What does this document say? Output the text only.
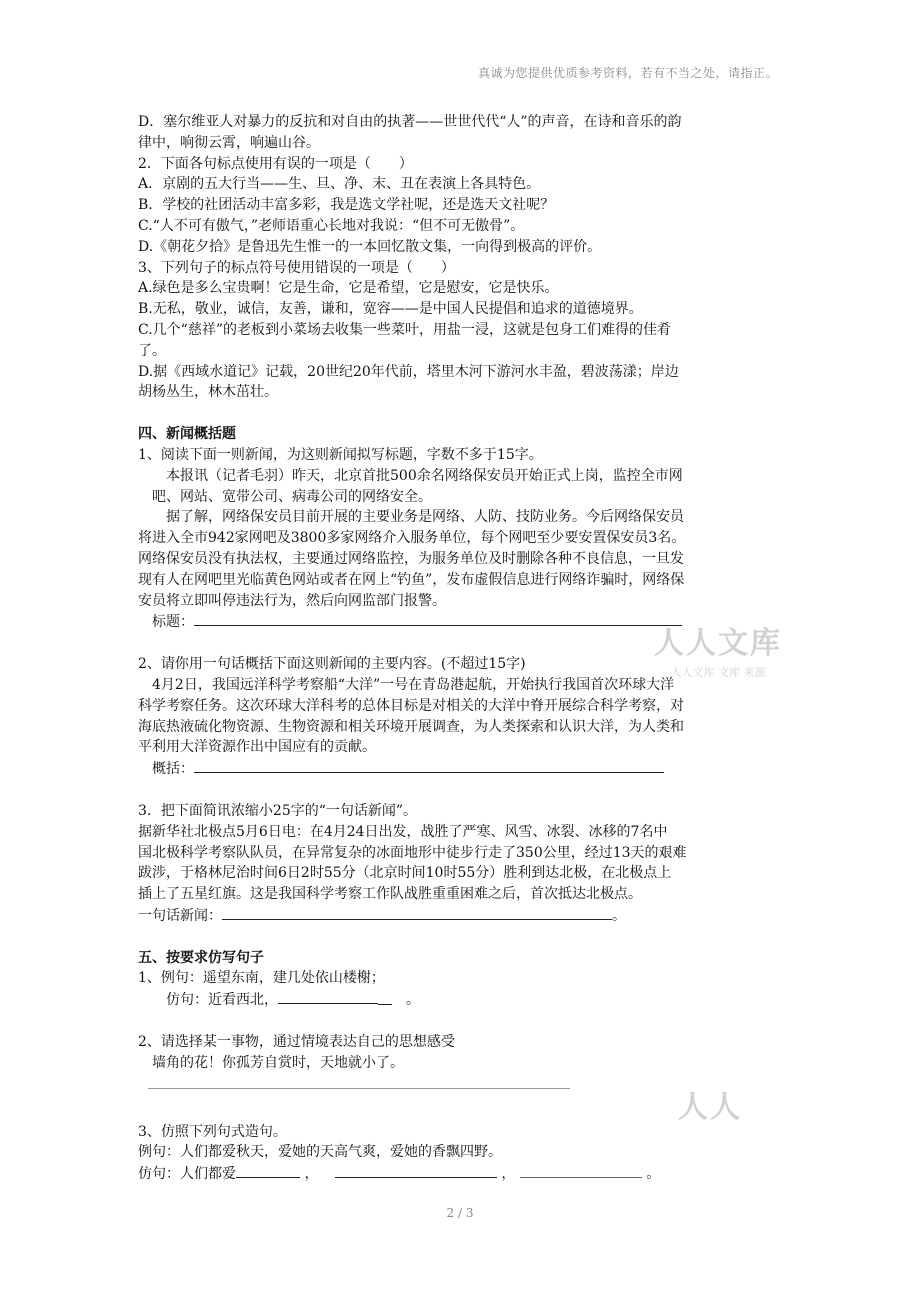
真诚为您提供优质参考资料，若有不当之处，请指正。

D．塞尔维亚人对暴力的反抗和对自由的执著——世世代代“人”的声音，在诗和音乐的韵

律中，响彻云霄，响遍山谷。

2．下面各句标点使用有误的一项是（　　）

A．京剧的五大行当——生、旦、净、末、丑在表演上各具特色。

B．学校的社团活动丰富多彩，我是选文学社呢，还是选天文社呢？

C.“人不可有傲气，”老师语重心长地对我说：“但不可无傲骨”。

D.《朝花夕拾》是鲁迅先生惟一的一本回忆散文集，一向得到极高的评价。

3、下列句子的标点符号使用错误的一项是（　　）

A.绿色是多么宝贵啊！它是生命，它是希望，它是慰安，它是快乐。

B.无私，敬业，诚信，友善，谦和，宽容——是中国人民提倡和追求的道德境界。

C.几个“慈祥”的老板到小菜场去收集一些菜叶，用盐一浸，这就是包身工们难得的佳肴

了。

D.据《西域水道记》记载，20世纪20年代前，塔里木河下游河水丰盈，碧波荡漾；岸边

胡杨丛生，林木茁壮。

四、新闻概括题

1、阅读下面一则新闻，为这则新闻拟写标题，字数不多于15字。

本报讯（记者毛羽）昨天，北京首批500余名网络保安员开始正式上岗，监控全市网

吧、网站、宽带公司、病毒公司的网络安全。

据了解，网络保安员目前开展的主要业务是网络、人防、技防业务。今后网络保安员

将进入全市942家网吧及3800多家网络介入服务单位，每个网吧至少要安置保安员3名。

网络保安员没有执法权，主要通过网络监控，为服务单位及时删除各种不良信息，一旦发

现有人在网吧里光临黄色网站或者在网上“钓鱼”，发布虚假信息进行网络诈骗时，网络保

安员将立即叫停违法行为，然后向网监部门报警。

标题：

2、请你用一句话概括下面这则新闻的主要内容。(不超过15字)

4月2日，我国远洋科学考察船“大洋”一号在青岛港起航，开始执行我国首次环球大洋

科学考察任务。这次环球大洋科考的总体目标是对相关的大洋中脊开展综合科学考察，对

海底热液硫化物资源、生物资源和相关环境开展调查，为人类探索和认识大洋，为人类和

平利用大洋资源作出中国应有的贡献。

概括：

3．把下面简讯浓缩小25字的“一句话新闻”。

据新华社北极点5月6日电：在4月24日出发，战胜了严寒、风雪、冰裂、冰移的7名中

国北极科学考察队队员，在异常复杂的冰面地形中徒步行走了350公里，经过13天的艰难

跋涉，于格林尼治时间6日2时55分（北京时间10时55分）胜利到达北极，在北极点上

插上了五星红旗。这是我国科学考察工作队战胜重重困难之后，首次抵达北极点。

一句话新闻：	。

五、按要求仿写句子

1、例句：遥望东南，建几处依山楼榭；

仿句：近看西北，	。

2、请选择某一事物，通过情境表达自己的思想感受

墙角的花！你孤芳自赏时，天地就小了。

3、仿照下列句式造句。

例句：人们都爱秋天，爱她的天高气爽，爱她的香飘四野。

仿句：人们都爱	，	，	。

人人文库
人人文库 文库 来源
人人
2 / 3
